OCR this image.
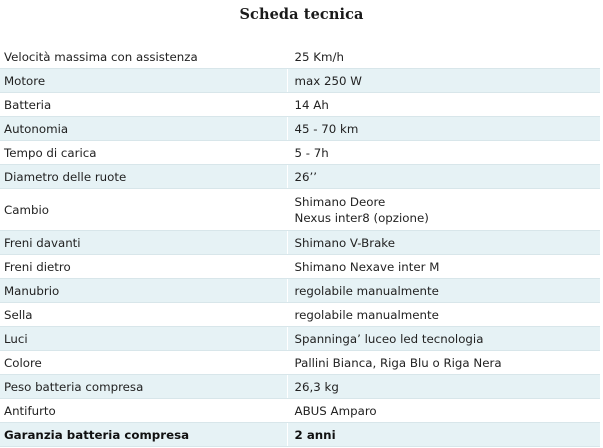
Scheda tecnica
Velocità massima con assistenza	25 Km/h
Motore	max 250 W
Batteria	14 Ah
Autonomia	45 - 70 km
Tempo di carica	5 - 7h
Diametro delle ruote	26’’
Cambio	Shimano Deore
Nexus inter8 (opzione)

Freni davanti	Shimano V-Brake
Freni dietro	Shimano Nexave inter M
Manubrio	regolabile manualmente
Sella	regolabile manualmente
Luci	Spanninga’ luceo led tecnologia
Colore	Pallini Bianca, Riga Blu o Riga Nera
Peso batteria compresa	26,3 kg
Antifurto	ABUS Amparo
Garanzia batteria compresa	2 anni
